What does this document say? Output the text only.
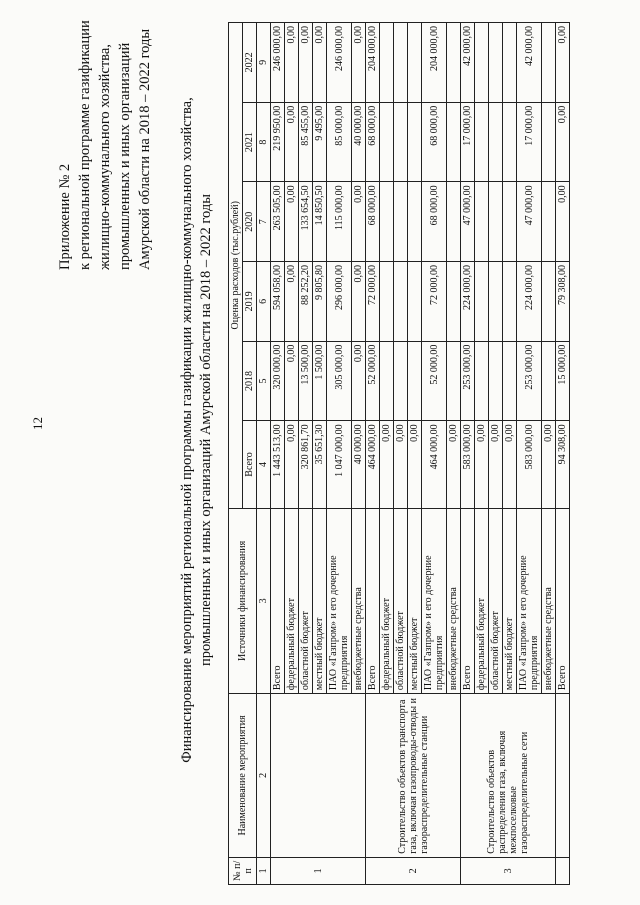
12
Приложение № 2 к региональной программе газификации жилищно-коммунального хозяйства, промышленных и иных организаций Амурской области на 2018 – 2022 годы Финансирование мероприятий региональной программы газификации жилищно-коммунального хозяйства, промышленных и иных организаций Амурской области на 2018 – 2022 годы
№ п/п	Наименование мероприятия	Источники финансирования	Оценка расходов (тыс.рублей)					
			Всего	2018	2019	2020	2021	2022
1	2	3	4	5	6	7	8	9
1		Всего	1 443 513,00	320 000,00	594 058,00	263 505,00	219 950,00	246 000,00
		федеральный бюджет	0,00	0,00	0,00	0,00	0,00	0,00
		областной бюджет	320 861,70	13 500,00	88 252,20	133 654,50	85 455,00	0,00
		местный бюджет	35 651,30	1 500,00	9 805,80	14 850,50	9 495,00	0,00
		ПАО «Газпром» и его дочерние предприятия	1 047 000,00	305 000,00	296 000,00	115 000,00	85 000,00	246 000,00
		внебюджетные средства	40 000,00	0,00	0,00	0,00	40 000,00	0,00
2	Строительство объектов транспорта газа, включая газопроводы-отводы и газораспределительные станции	Всего	464 000,00	52 000,00	72 000,00	68 000,00	68 000,00	204 000,00
		федеральный бюджет	0,00					
		областной бюджет	0,00					
		местный бюджет	0,00					
		ПАО «Газпром» и его дочерние предприятия	464 000,00	52 000,00	72 000,00	68 000,00	68 000,00	204 000,00
		внебюджетные средства	0,00					
3	Строительство объектов распределения газа, включая межпоселковые газораспределительные сети	Всего	583 000,00	253 000,00	224 000,00	47 000,00	17 000,00	42 000,00
		федеральный бюджет	0,00					
		областной бюджет	0,00					
		местный бюджет	0,00					
		ПАО «Газпром» и его дочерние предприятия	583 000,00	253 000,00	224 000,00	47 000,00	17 000,00	42 000,00
		внебюджетные средства	0,00					
		Всего	94 308,00	15 000,00	79 308,00	0,00	0,00	0,00
